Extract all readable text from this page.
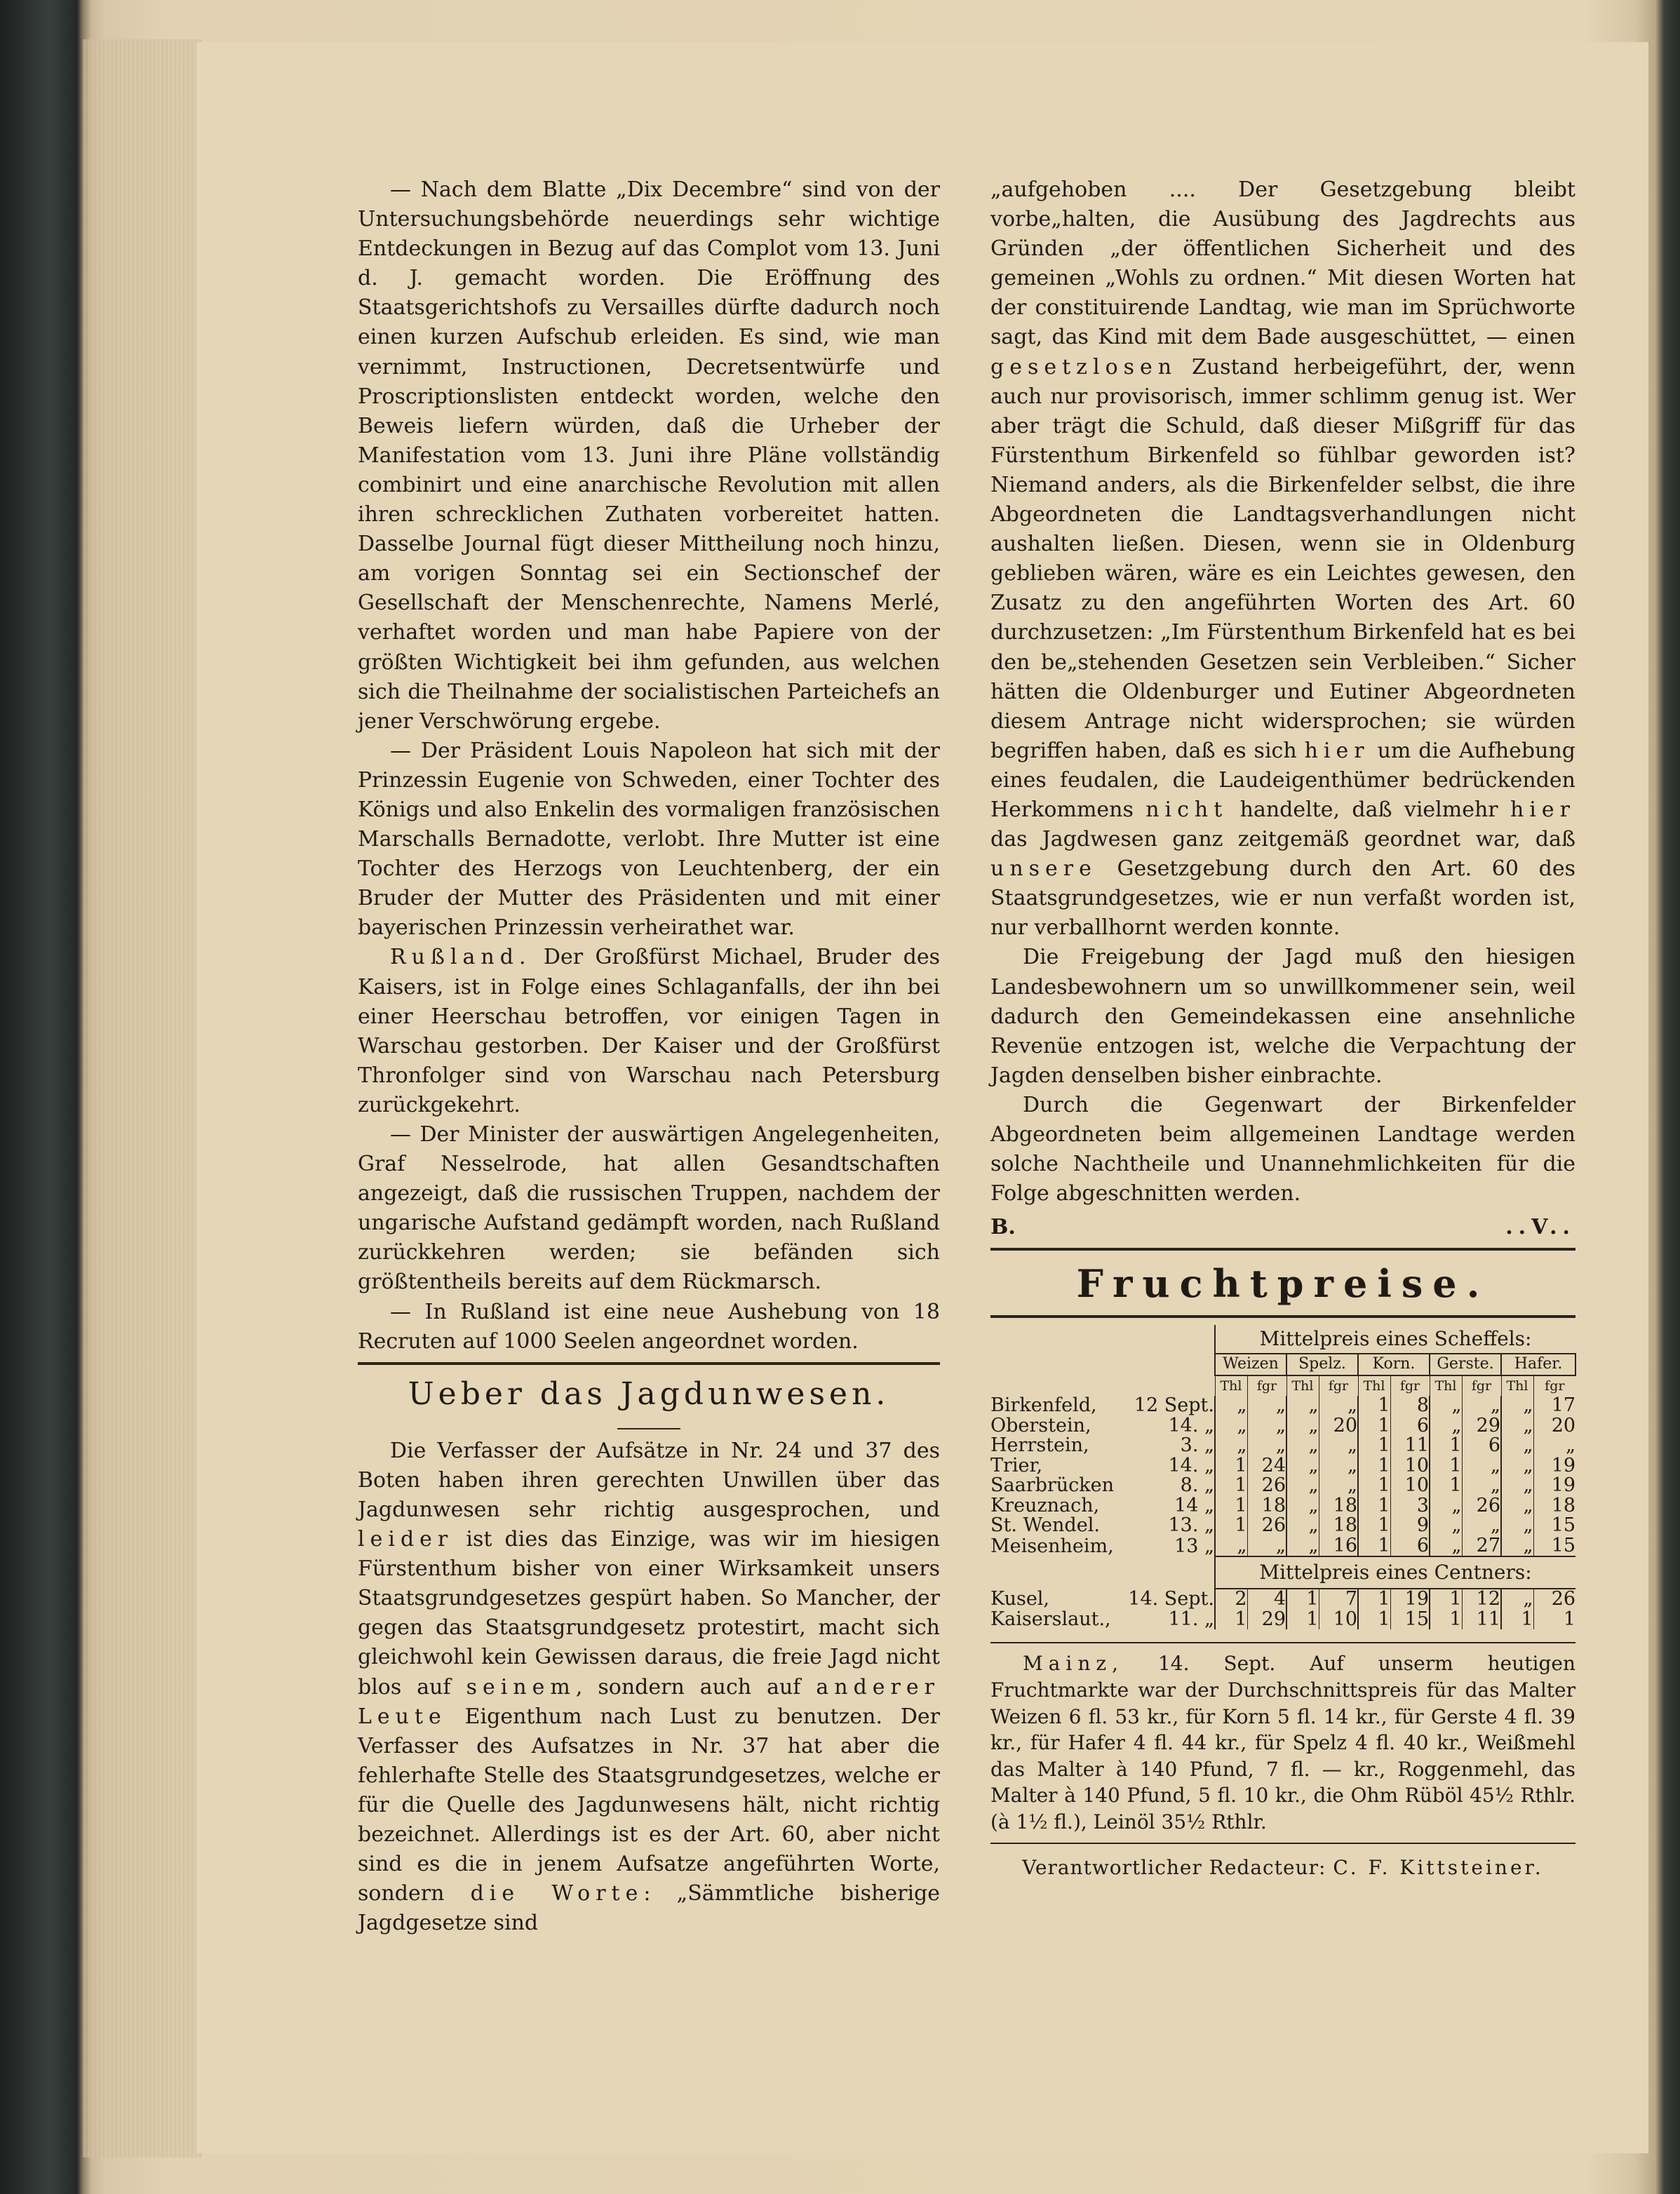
— Nach dem Blatte „Dix Decembre“ sind von der Untersuchungsbehörde neuerdings sehr wichtige Entdeckungen in Bezug auf das Complot vom 13. Juni d. J. gemacht worden. Die Eröffnung des Staatsgerichtshofs zu Versailles dürfte dadurch noch einen kurzen Aufschub erleiden. Es sind, wie man vernimmt, Instructionen, Decretsentwürfe und Proscriptionslisten entdeckt worden, welche den Beweis liefern würden, daß die Urheber der Manifestation vom 13. Juni ihre Pläne vollständig combinirt und eine anarchische Revolution mit allen ihren schrecklichen Zuthaten vorbereitet hatten. Dasselbe Journal fügt dieser Mittheilung noch hinzu, am vorigen Sonntag sei ein Sectionschef der Gesellschaft der Menschenrechte, Namens Merlé, verhaftet worden und man habe Papiere von der größten Wichtigkeit bei ihm gefunden, aus welchen sich die Theilnahme der socialistischen Parteichefs an jener Verschwörung ergebe.

— Der Präsident Louis Napoleon hat sich mit der Prinzessin Eugenie von Schweden, einer Tochter des Königs und also Enkelin des vormaligen französischen Marschalls Bernadotte, verlobt. Ihre Mutter ist eine Tochter des Herzogs von Leuchtenberg, der ein Bruder der Mutter des Präsidenten und mit einer bayerischen Prinzessin verheirathet war.

Rußland. Der Großfürst Michael, Bruder des Kaisers, ist in Folge eines Schlaganfalls, der ihn bei einer Heerschau betroffen, vor einigen Tagen in Warschau gestorben. Der Kaiser und der Großfürst Thronfolger sind von Warschau nach Petersburg zurückgekehrt.

— Der Minister der auswärtigen Angelegenheiten, Graf Nesselrode, hat allen Gesandtschaften angezeigt, daß die russischen Truppen, nachdem der ungarische Aufstand gedämpft worden, nach Rußland zurückkehren werden; sie befänden sich größtentheils bereits auf dem Rückmarsch.

— In Rußland ist eine neue Aushebung von 18 Recruten auf 1000 Seelen angeordnet worden.

Ueber das Jagdunwesen.

Die Verfasser der Aufsätze in Nr. 24 und 37 des Boten haben ihren gerechten Unwillen über das Jagdunwesen sehr richtig ausgesprochen, und leider ist dies das Einzige, was wir im hiesigen Fürstenthum bisher von einer Wirksamkeit unsers Staatsgrundgesetzes gespürt haben. So Mancher, der gegen das Staatsgrundgesetz protestirt, macht sich gleichwohl kein Gewissen daraus, die freie Jagd nicht blos auf seinem, sondern auch auf anderer Leute Eigenthum nach Lust zu benutzen. Der Verfasser des Aufsatzes in Nr. 37 hat aber die fehlerhafte Stelle des Staatsgrundgesetzes, welche er für die Quelle des Jagdunwesens hält, nicht richtig bezeichnet. Allerdings ist es der Art. 60, aber nicht sind es die in jenem Aufsatze angeführten Worte, sondern die Worte: „Sämmtliche bisherige Jagdgesetze sind

„aufgehoben .... Der Gesetzgebung bleibt vorbe„halten, die Ausübung des Jagdrechts aus Gründen „der öffentlichen Sicherheit und des gemeinen „Wohls zu ordnen.“ Mit diesen Worten hat der constituirende Landtag, wie man im Sprüchworte sagt, das Kind mit dem Bade ausgeschüttet, — einen gesetzlosen Zustand herbeigeführt, der, wenn auch nur provisorisch, immer schlimm genug ist. Wer aber trägt die Schuld, daß dieser Mißgriff für das Fürstenthum Birkenfeld so fühlbar geworden ist? Niemand anders, als die Birkenfelder selbst, die ihre Abgeordneten die Landtagsverhandlungen nicht aushalten ließen. Diesen, wenn sie in Oldenburg geblieben wären, wäre es ein Leichtes gewesen, den Zusatz zu den angeführten Worten des Art. 60 durchzusetzen: „Im Fürstenthum Birkenfeld hat es bei den be„stehenden Gesetzen sein Verbleiben.“ Sicher hätten die Oldenburger und Eutiner Abgeordneten diesem Antrage nicht widersprochen; sie würden begriffen haben, daß es sich hier um die Aufhebung eines feudalen, die Laudeigenthümer bedrückenden Herkommens nicht handelte, daß vielmehr hier das Jagdwesen ganz zeitgemäß geordnet war, daß unsere Gesetzgebung durch den Art. 60 des Staatsgrundgesetzes, wie er nun verfaßt worden ist, nur verballhornt werden konnte.

Die Freigebung der Jagd muß den hiesigen Landesbewohnern um so unwillkommener sein, weil dadurch den Gemeindekassen eine ansehnliche Revenüe entzogen ist, welche die Verpachtung der Jagden denselben bisher einbrachte.

Durch die Gegenwart der Birkenfelder Abgeordneten beim allgemeinen Landtage werden solche Nachtheile und Unannehmlichkeiten für die Folge abgeschnitten werden.

B.	..V..
Fruchtpreise.
		Mittelpreis eines Scheffels:									
		Weizen		Spelz.		Korn.		Gerste.		Hafer.	
		Thl	fgr	Thl	fgr	Thl	fgr	Thl	fgr	Thl	fgr
Birkenfeld,	12 Sept.	„	„	„	„	1	8	„	„	„	17
Oberstein,	14. „	„	„	„	20	1	6	„	29	„	20
Herrstein,	3. „	„	„	„	„	1	11	1	6	„	„
Trier,	14. „	1	24	„	„	1	10	1	„	„	19
Saarbrücken	8. „	1	26	„	„	1	10	1	„	„	19
Kreuznach,	14 „	1	18	„	18	1	3	„	26	„	18
St. Wendel.	13. „	1	26	„	18	1	9	„	„	„	15
Meisenheim,	13 „	„	„	„	16	1	6	„	27	„	15
		Mittelpreis eines Centners:									
Kusel,	14. Sept.	2	4	1	7	1	19	1	12	„	26
Kaiserslaut.,	11. „	1	29	1	10	1	15	1	11	1	1

Mainz, 14. Sept. Auf unserm heutigen Fruchtmarkte war der Durchschnittspreis für das Malter Weizen 6 fl. 53 kr., für Korn 5 fl. 14 kr., für Gerste 4 fl. 39 kr., für Hafer 4 fl. 44 kr., für Spelz 4 fl. 40 kr., Weißmehl das Malter à 140 Pfund, 7 fl. — kr., Roggenmehl, das Malter à 140 Pfund, 5 fl. 10 kr., die Ohm Rüböl 45½ Rthlr. (à 1½ fl.), Leinöl 35½ Rthlr.

Verantwortlicher Redacteur: C. F. Kittsteiner.
